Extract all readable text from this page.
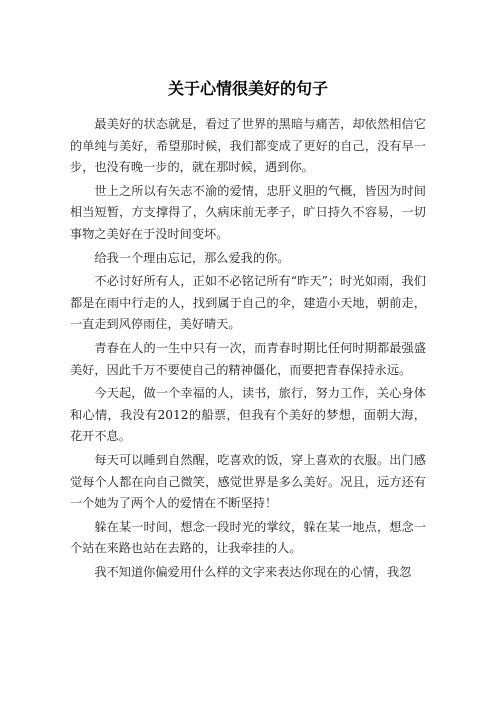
关于心情很美好的句子

最美好的状态就是，看过了世界的黑暗与痛苦，却依然相信它的单纯与美好，希望那时候，我们都变成了更好的自己，没有早一步，也没有晚一步的，就在那时候，遇到你。

世上之所以有矢志不渝的爱情，忠肝义胆的气概，皆因为时间相当短暂，方支撑得了，久病床前无孝子，旷日持久不容易，一切事物之美好在于没时间变坏。

给我一个理由忘记，那么爱我的你。

不必讨好所有人，正如不必铭记所有“昨天”；时光如雨，我们都是在雨中行走的人，找到属于自己的伞，建造小天地，朝前走，一直走到风停雨住，美好晴天。

青春在人的一生中只有一次，而青春时期比任何时期都最强盛美好，因此千万不要使自己的精神僵化，而要把青春保持永远。

今天起，做一个幸福的人，读书，旅行，努力工作，关心身体和心情，我没有2012的船票，但我有个美好的梦想，面朝大海，花开不息。

每天可以睡到自然醒，吃喜欢的饭，穿上喜欢的衣服。出门感觉每个人都在向自己微笑，感觉世界是多么美好。况且，远方还有一个她为了两个人的爱情在不断坚持！

躲在某一时间，想念一段时光的掌纹，躲在某一地点，想念一个站在来路也站在去路的，让我牵挂的人。

我不知道你偏爱用什么样的文字来表达你现在的心情，我忽
